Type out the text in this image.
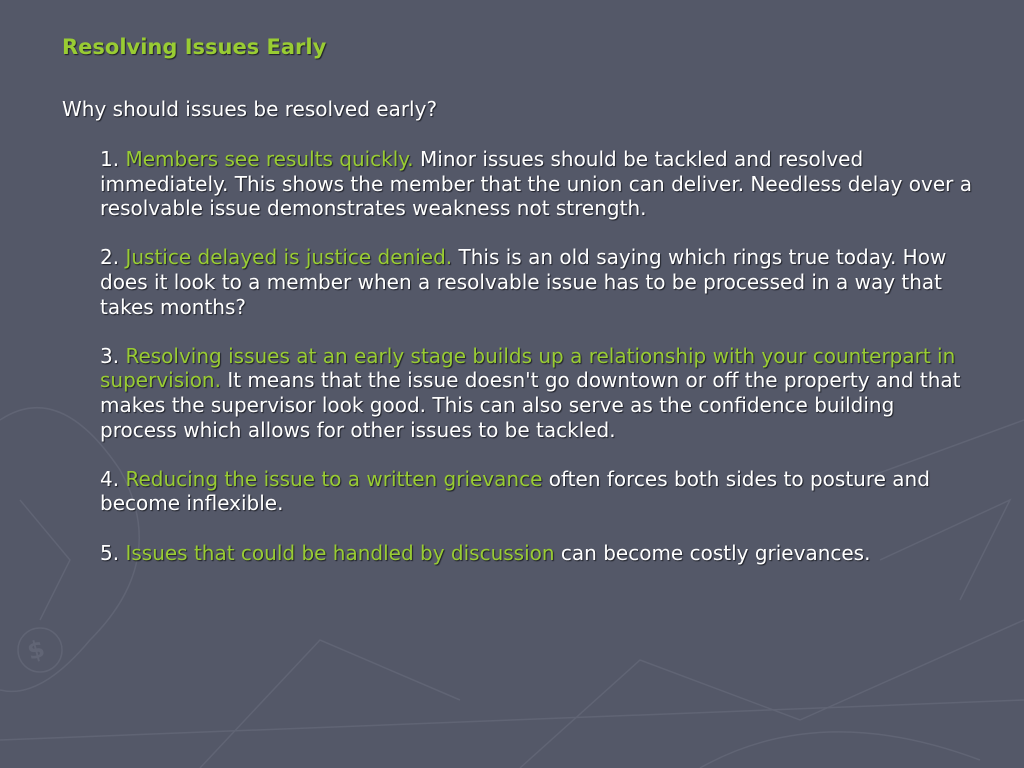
$
Resolving Issues Early
Why should issues be resolved early?

1. Members see results quickly. Minor issues should be tackled and resolved immediately. This shows the member that the union can deliver. Needless delay over a resolvable issue demonstrates weakness not strength.

2. Justice delayed is justice denied. This is an old saying which rings true today. How does it look to a member when a resolvable issue has to be processed in a way that takes months?

3. Resolving issues at an early stage builds up a relationship with your counterpart in supervision. It means that the issue doesn't go downtown or off the property and that makes the supervisor look good. This can also serve as the confidence building process which allows for other issues to be tackled.

4. Reducing the issue to a written grievance often forces both sides to posture and become inflexible.

5. Issues that could be handled by discussion can become costly grievances.
